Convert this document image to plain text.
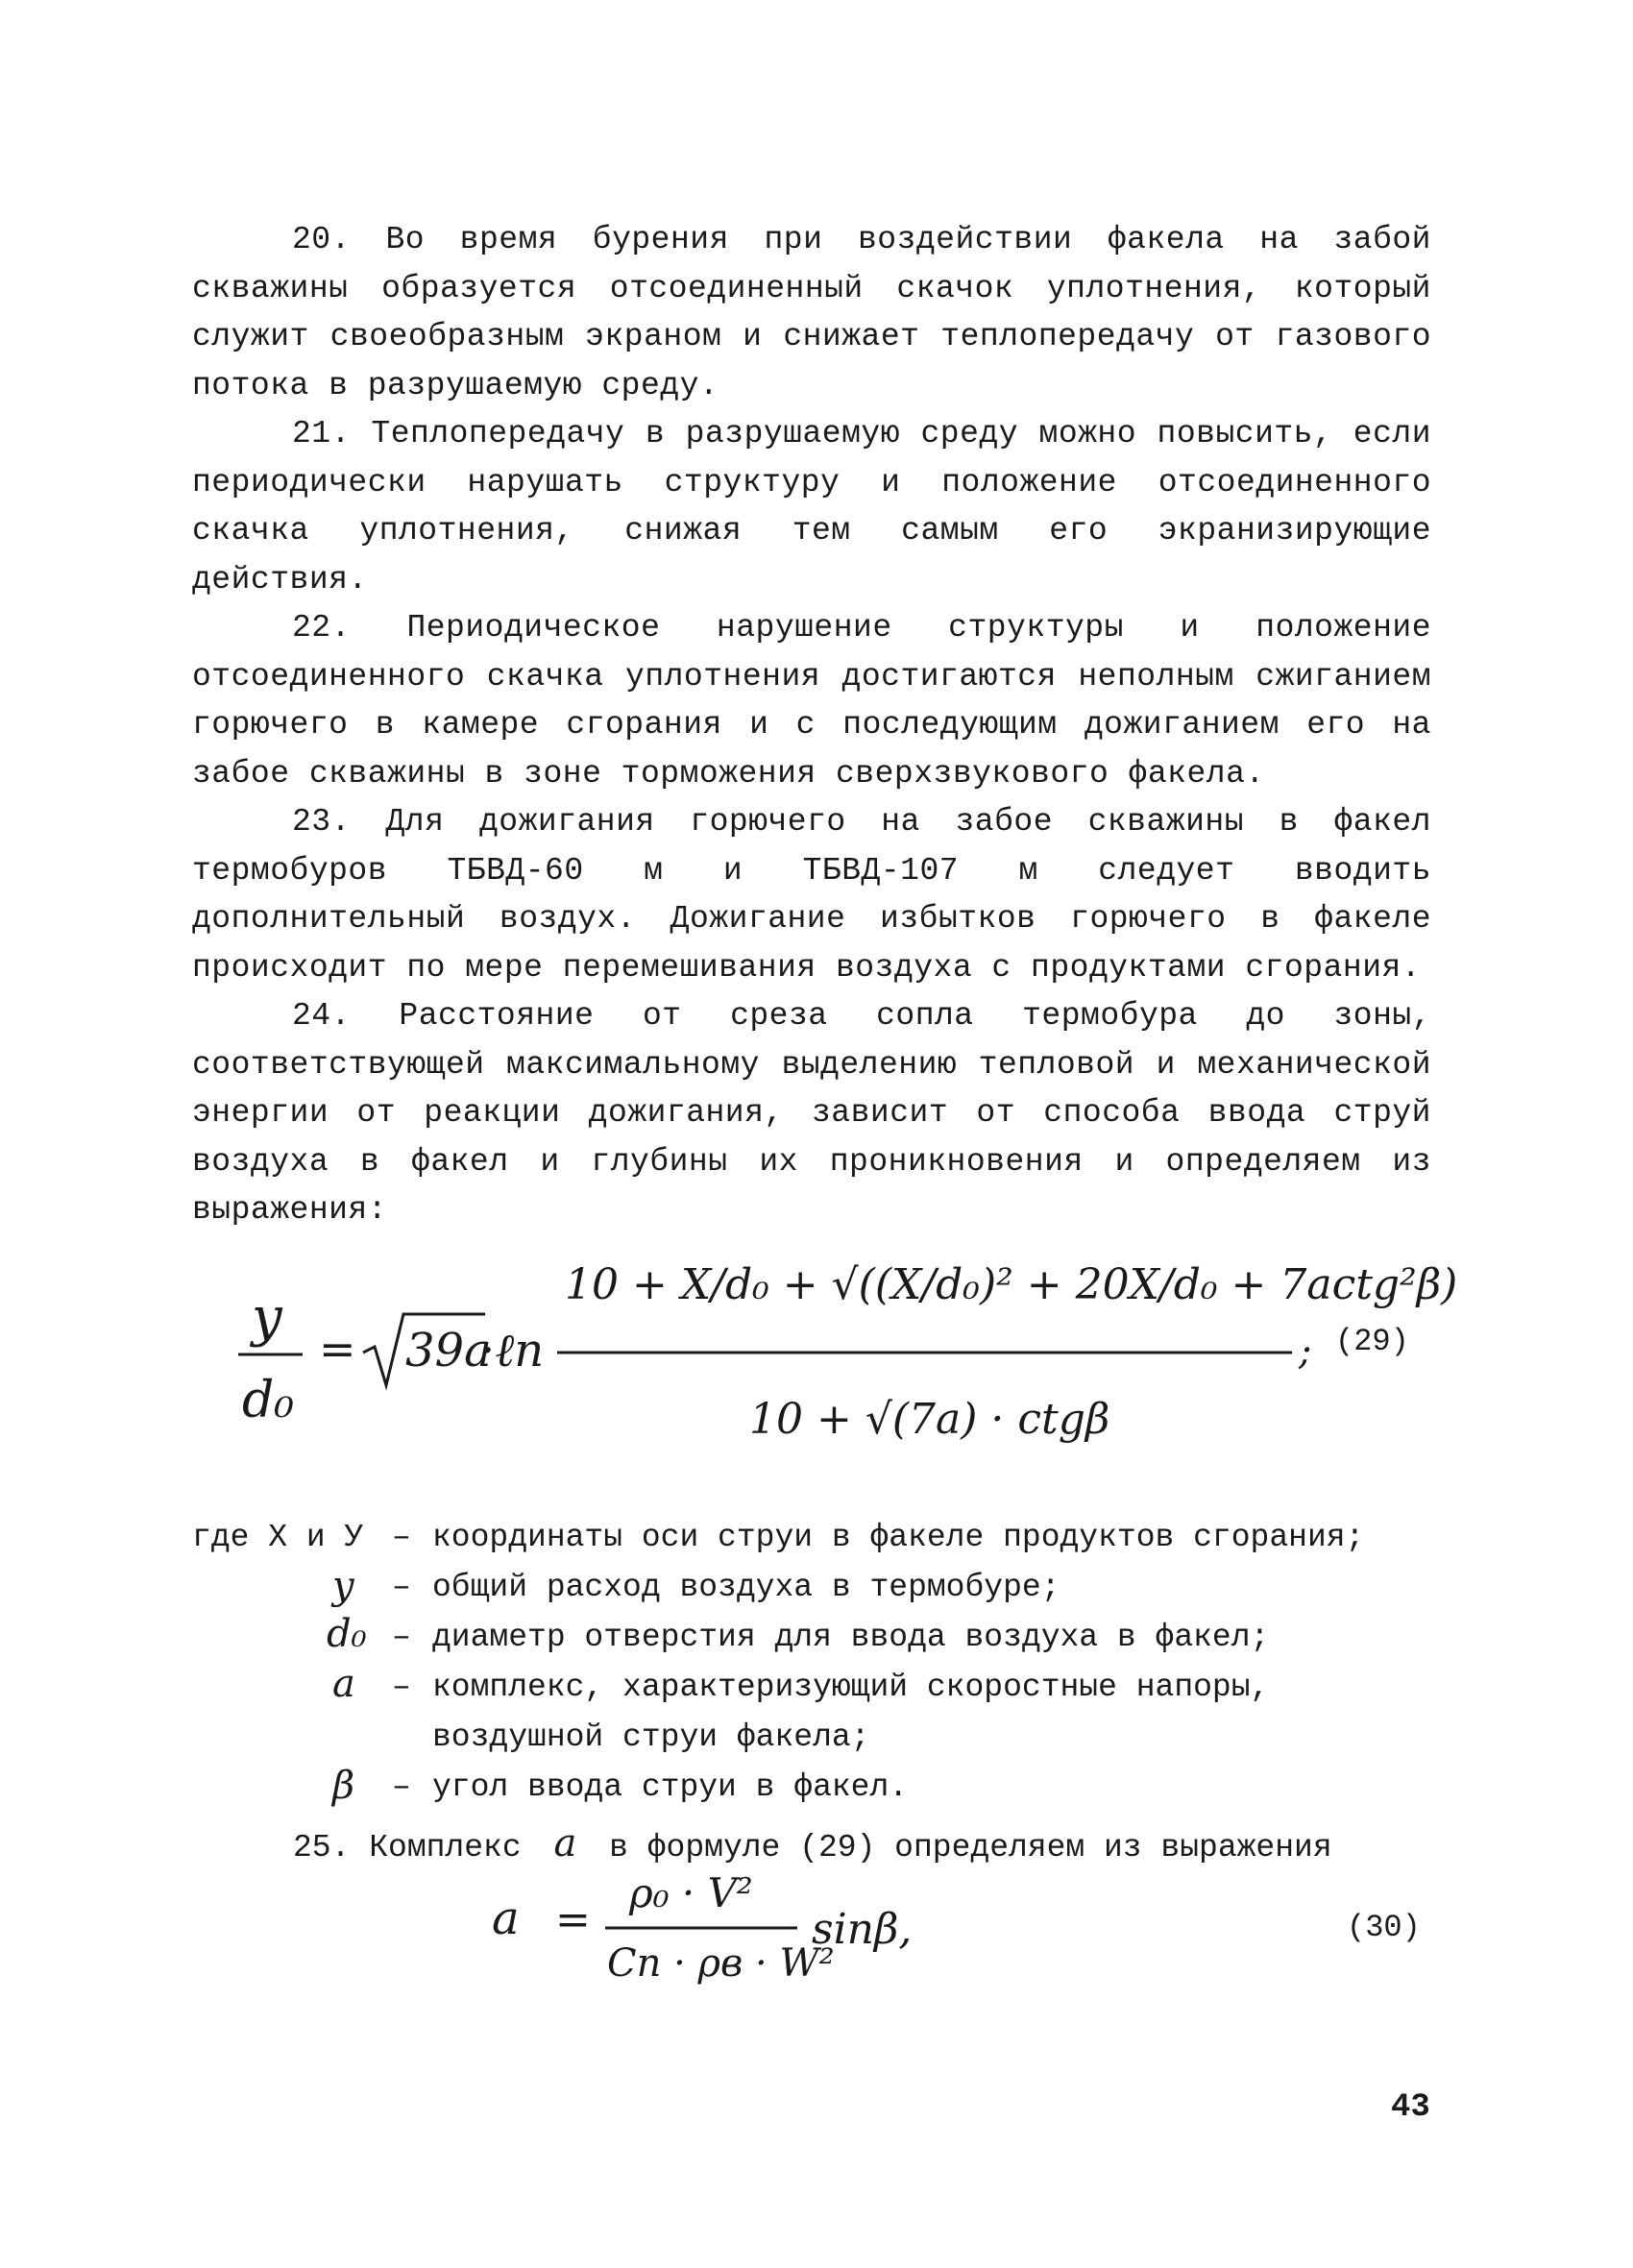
20. Во время бурения при воздействии факела на забой скважины образуется отсоединенный скачок уплотнения, который служит своеобразным экраном и снижает теплопередачу от газового потока в разрушаемую среду.

21. Теплопередачу в разрушаемую среду можно повысить, если периодически нарушать структуру и положение отсоединенного скачка уплотнения, снижая тем самым его экранизирующие действия.

22. Периодическое нарушение структуры и положение отсоединенного скачка уплотнения достигаются неполным сжиганием горючего в камере сгорания и с последующим дожиганием его на забое скважины в зоне торможения сверхзвукового факела.

23. Для дожигания горючего на забое скважины в факел термобуров ТБВД-60 м и ТБВД-107 м следует вводить дополнительный воздух. Дожигание избытков горючего в факеле происходит по мере перемешивания воздуха с продуктами сгорания.

24. Расстояние от среза сопла термобура до зоны, соответствующей максимальному выделению тепловой и механической энергии от реакции дожигания, зависит от способа ввода струй воздуха в факел и глубины их проникновения и определяем из выражения:

y
d₀
= 39a
·ℓn
10 + X/d₀ + √((X/d₀)² + 20X/d₀ + 7actg²β)
10 + √(7a) · ctgβ
; (29)
где X и У – координаты оси струи в факеле продуктов сгорания;
y – общий расход воздуха в термобуре;
d₀ – диаметр отверстия для ввода воздуха в факел;
a – комплекс, характеризующий скоростные напоры, воздушной струи факела;
β – угол ввода струи в факел.
25. Комплекс a в формуле (29) определяем из выражения
a =
ρ₀ · V²
Cп · ρв · W²
sinβ,	(30)
43
